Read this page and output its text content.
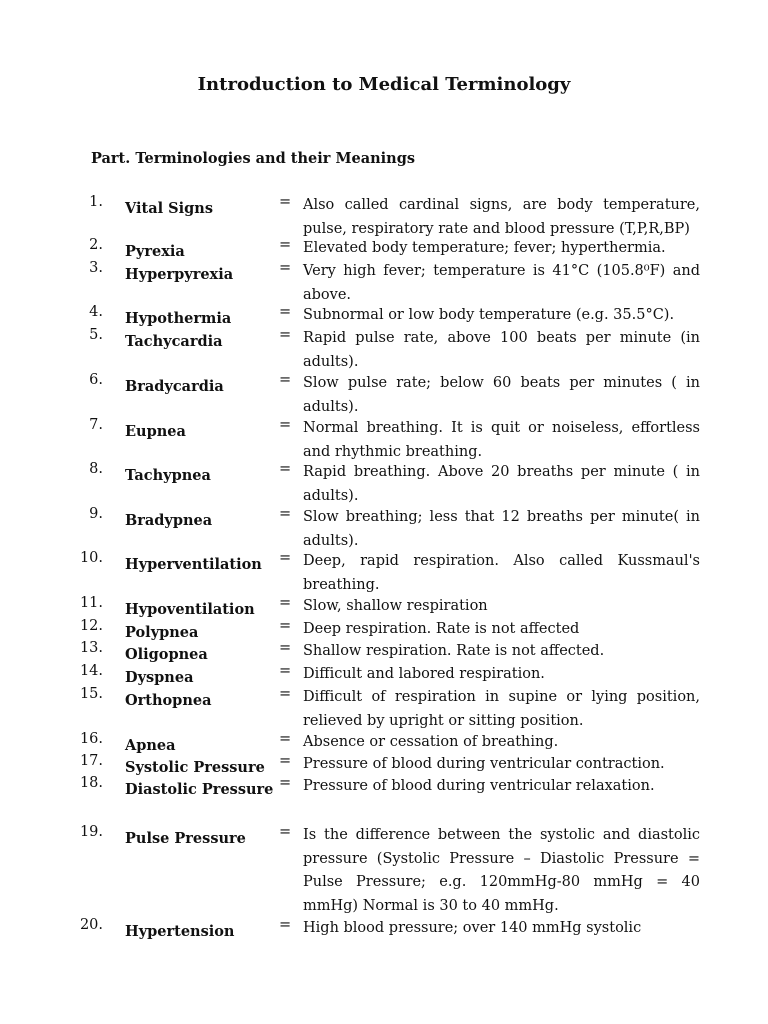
Introduction to Medical Terminology
Part. Terminologies and their Meanings
1. Vital Signs	= Also called cardinal signs, are body temperature, pulse, respiratory rate and blood pressure (T,P,R,BP)
2. Pyrexia	= Elevated body temperature; fever; hyperthermia.
3. Hyperpyrexia	= Very high fever; temperature is 41°C (105.8⁰F) and above.
4. Hypothermia	= Subnormal or low body temperature (e.g. 35.5°C).
5. Tachycardia	= Rapid pulse rate, above 100 beats per minute (in adults).
6. Bradycardia	= Slow pulse rate; below 60 beats per minutes ( in adults).
7. Eupnea	= Normal breathing. It is quit or noiseless, effortless and rhythmic breathing.
8. Tachypnea	= Rapid breathing. Above 20 breaths per minute ( in adults).
9. Bradypnea	= Slow breathing; less that 12 breaths per minute( in adults).
10. Hyperventilation	= Deep, rapid respiration. Also called Kussmaul's breathing.
11. Hypoventilation	= Slow, shallow respiration
12. Polypnea	= Deep respiration. Rate is not affected
13. Oligopnea	= Shallow respiration. Rate is not affected.
14. Dyspnea	= Difficult and labored respiration.
15. Orthopnea	= Difficult of respiration in supine or lying position, relieved by upright or sitting position.
16. Apnea	= Absence or cessation of breathing.
17. Systolic Pressure = Pressure of blood during ventricular contraction.
18. Diastolic Pressure = Pressure of blood during ventricular relaxation.
19. Pulse Pressure	= Is the difference between the systolic and diastolic pressure (Systolic Pressure – Diastolic Pressure = Pulse Pressure; e.g. 120mmHg-80 mmHg = 40 mmHg) Normal is 30 to 40 mmHg.
20. Hypertension	= High blood pressure; over 140 mmHg systolic
